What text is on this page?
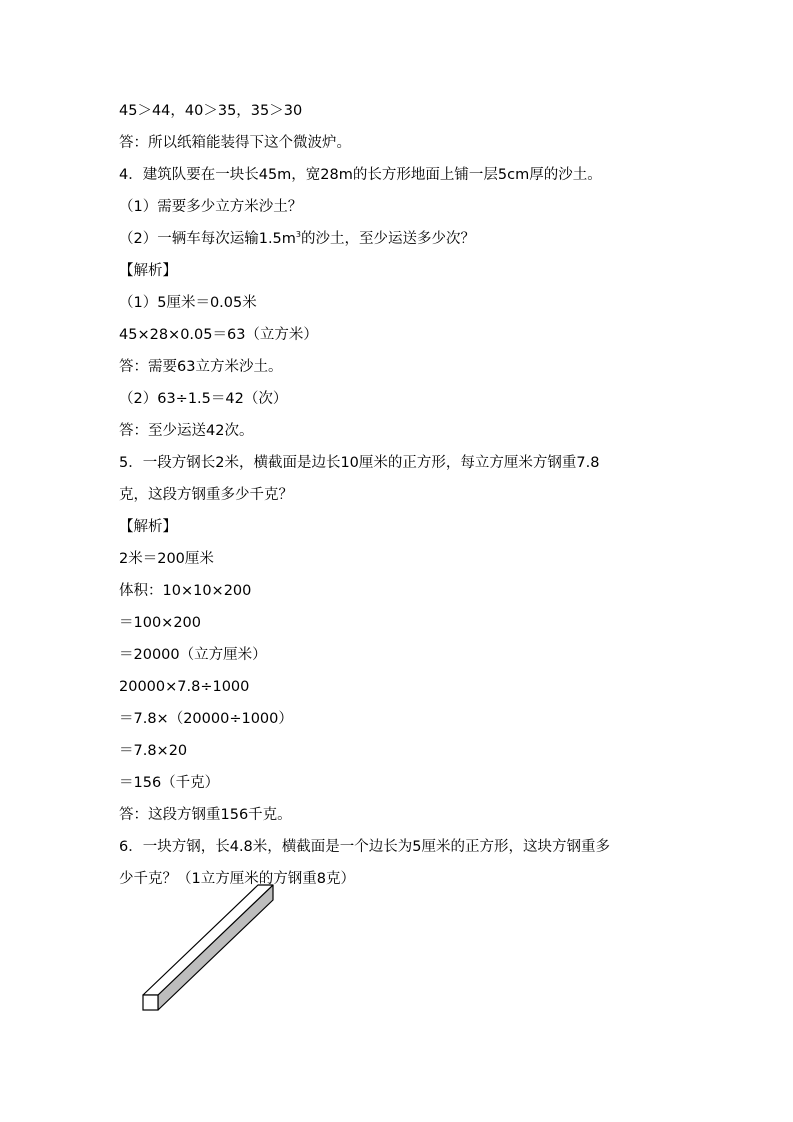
45＞44，40＞35，35＞30
答：所以纸箱能装得下这个微波炉。
4．建筑队要在一块长45m，宽28m的长方形地面上铺一层5cm厚的沙土。
（1）需要多少立方米沙土？
（2）一辆车每次运输$1.5m^3$的沙土，至少运送多少次？
【解析】
（1）5厘米＝0.05米
45×28×0.05＝63（立方米）
答：需要63立方米沙土。
（2）63÷1.5＝42（次）
答：至少运送42次。
5．一段方钢长2米，横截面是边长10厘米的正方形，每立方厘米方钢重7.8
克，这段方钢重多少千克？
【解析】
2米＝200厘米
体积：10×10×200
＝100×200
＝20000（立方厘米）
20000×7.8÷1000
＝7.8×（20000÷1000）
＝7.8×20
＝156（千克）
答：这段方钢重156千克。
6．一块方钢，长4.8米，横截面是一个边长为5厘米的正方形，这块方钢重多
少千克？（1立方厘米的方钢重8克）
